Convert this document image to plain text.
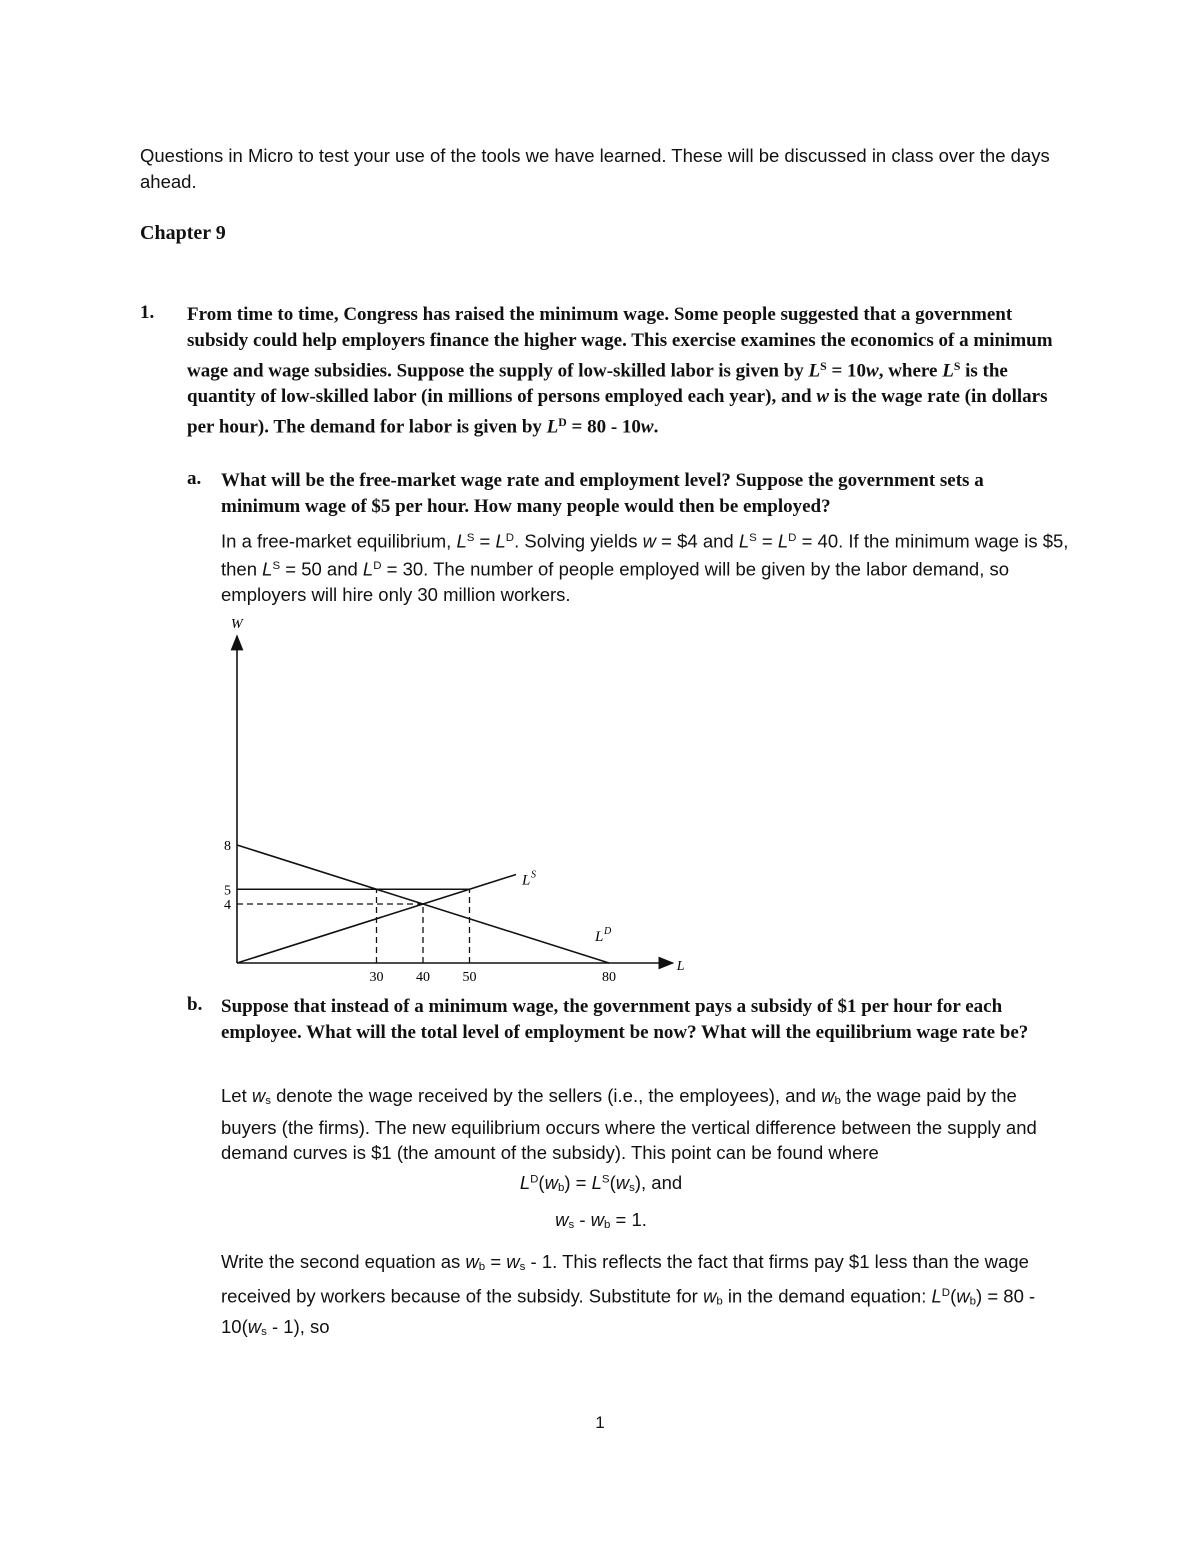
Questions in Micro to test your use of the tools we have learned. These will be discussed in class over the days ahead.
Chapter 9
1. From time to time, Congress has raised the minimum wage. Some people suggested that a government subsidy could help employers finance the higher wage. This exercise examines the economics of a minimum wage and wage subsidies. Suppose the supply of low-skilled labor is given by $L^S = 10w$, where $L^S$ is the quantity of low-skilled labor (in millions of persons employed each year), and w is the wage rate (in dollars per hour). The demand for labor is given by $L^D = 80 - 10w$.
a. What will be the free-market wage rate and employment level? Suppose the government sets a minimum wage of $5 per hour. How many people would then be employed?
In a free-market equilibrium, $L^S = L^D$. Solving yields w = $4 and $L^S = L^D = 40$. If the minimum wage is $5, then $L^S = 50$ and $L^D = 30$. The number of people employed will be given by the labor demand, so employers will hire only 30 million workers.
W
L
L S
L D
30 40 50	80
4
5
8
b. Suppose that instead of a minimum wage, the government pays a subsidy of $1 per hour for each employee. What will the total level of employment be now? What will the equilibrium wage rate be?
Let ws denote the wage received by the sellers (i.e., the employees), and wb the wage paid by the buyers (the firms). The new equilibrium occurs where the vertical difference between the supply and demand curves is $1 (the amount of the subsidy). This point can be found where
$L^D(wb) = L^S(ws)$, and
ws - wb = 1.
Write the second equation as wb = ws - 1. This reflects the fact that firms pay $1 less than the wage received by workers because of the subsidy. Substitute for wb in the demand equation: $L^D(wb) = 80 - 10(ws - 1)$, so
1
